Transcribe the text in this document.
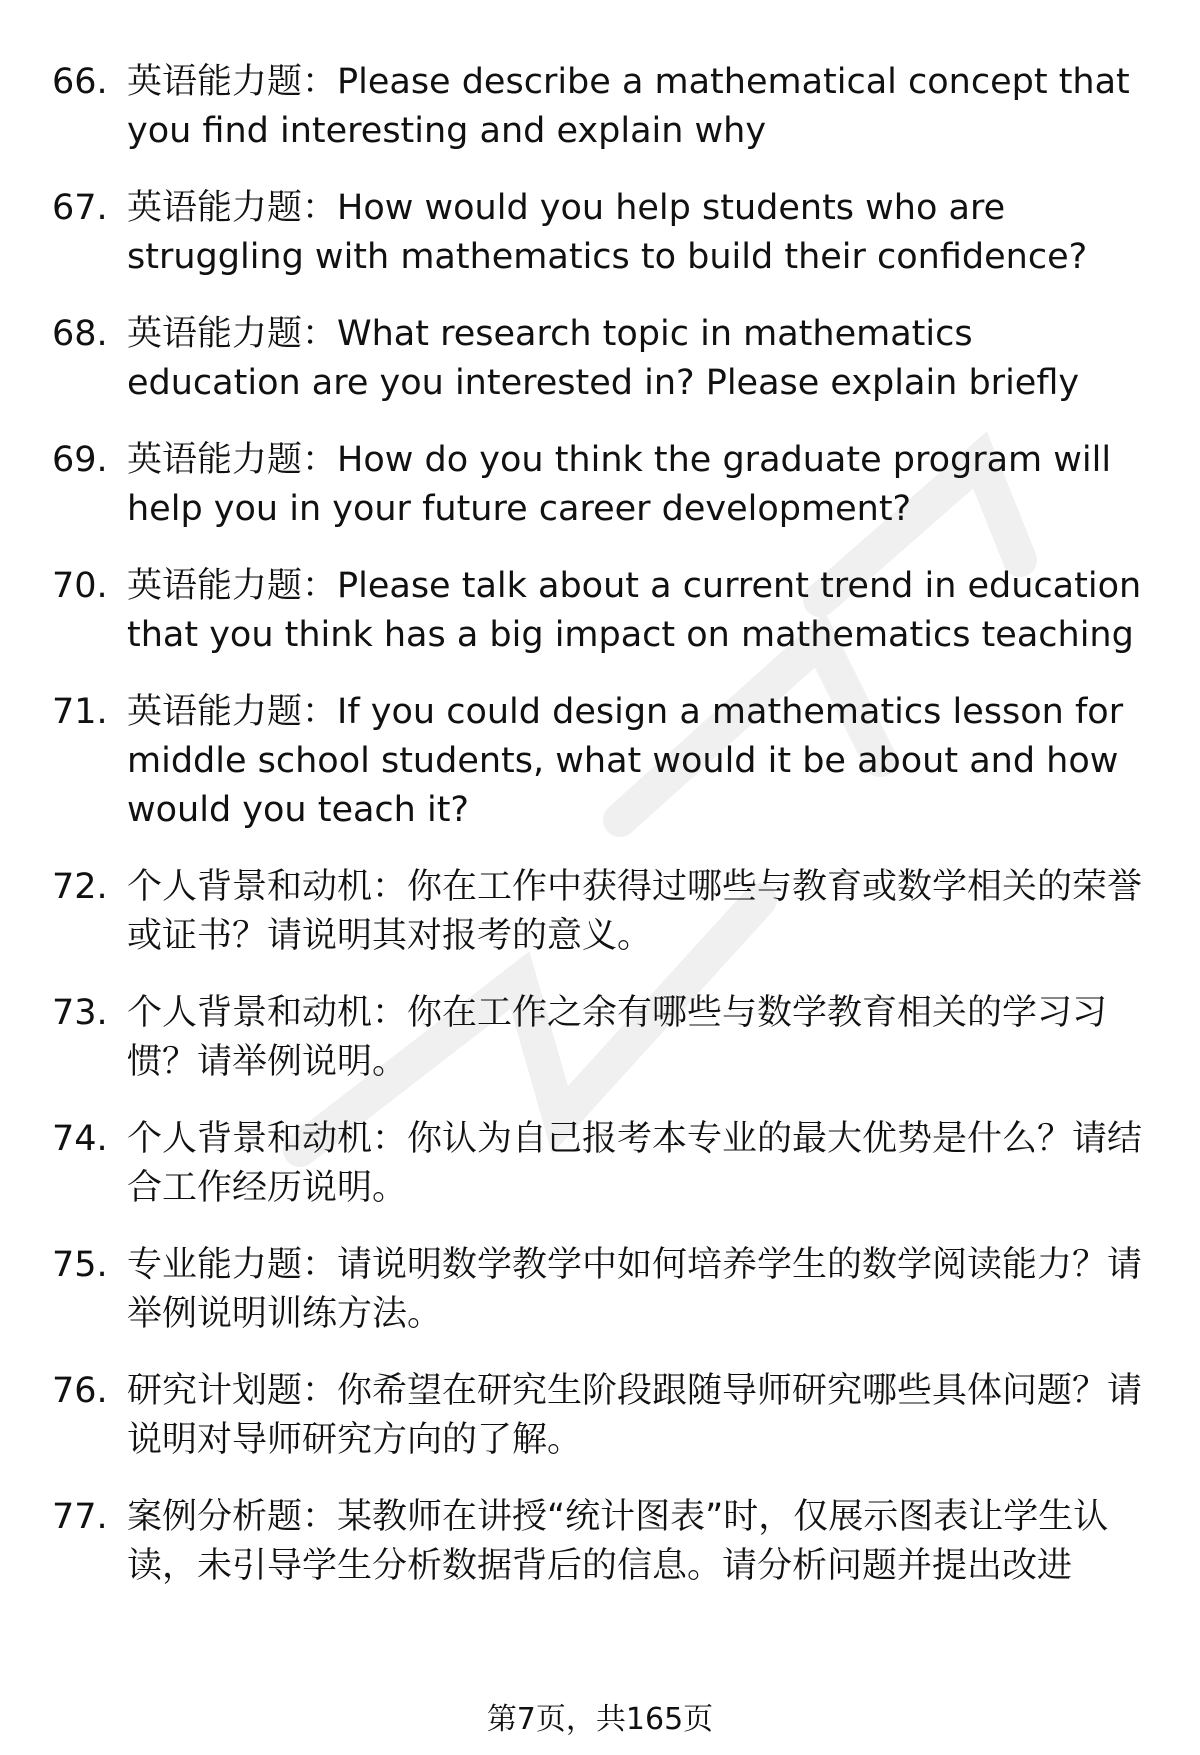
66. 英语能力题：Please describe a mathematical concept that you find interesting and explain why
67. 英语能力题：How would you help students who are struggling with mathematics to build their confidence?
68. 英语能力题：What research topic in mathematics education are you interested in? Please explain briefly
69. 英语能力题：How do you think the graduate program will help you in your future career development?
70. 英语能力题：Please talk about a current trend in education that you think has a big impact on mathematics teaching
71. 英语能力题：If you could design a mathematics lesson for middle school students, what would it be about and how would you teach it?
72. 个人背景和动机：你在工作中获得过哪些与教育或数学相关的荣誉或证书？请说明其对报考的意义。
73. 个人背景和动机：你在工作之余有哪些与数学教育相关的学习习惯？请举例说明。
74. 个人背景和动机：你认为自己报考本专业的最大优势是什么？请结合工作经历说明。
75. 专业能力题：请说明数学教学中如何培养学生的数学阅读能力？请举例说明训练方法。
76. 研究计划题：你希望在研究生阶段跟随导师研究哪些具体问题？请说明对导师研究方向的了解。
77. 案例分析题：某教师在讲授“统计图表”时，仅展示图表让学生认读，未引导学生分析数据背后的信息。请分析问题并提出改进
第7页，共165页
